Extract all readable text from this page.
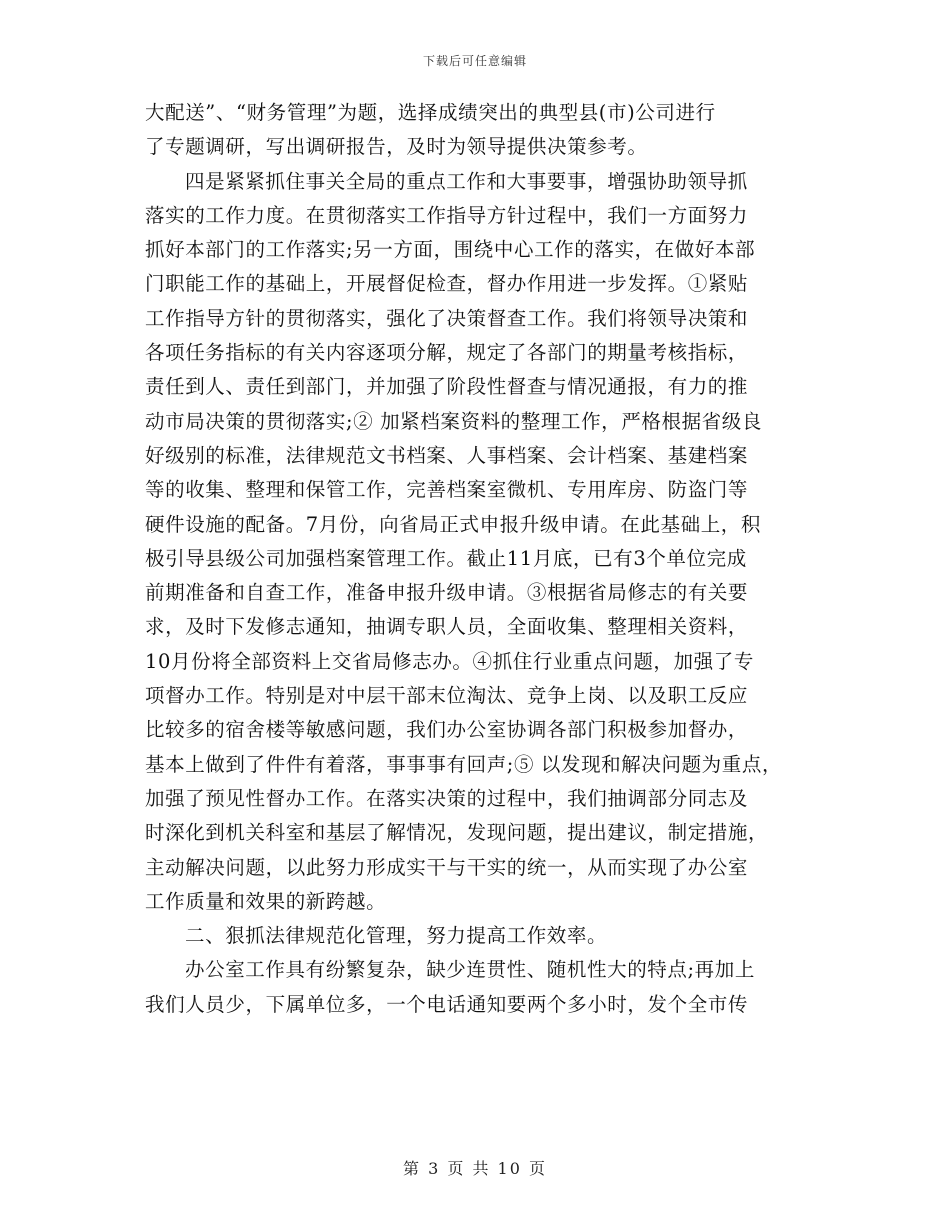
下载后可任意编辑
大配送”、“财务管理”为题，选择成绩突出的典型县(市)公司进行
了专题调研，写出调研报告，及时为领导提供决策参考。
四是紧紧抓住事关全局的重点工作和大事要事，增强协助领导抓
落实的工作力度。在贯彻落实工作指导方针过程中，我们一方面努力
抓好本部门的工作落实;另一方面，围绕中心工作的落实，在做好本部
门职能工作的基础上，开展督促检查，督办作用进一步发挥。①紧贴
工作指导方针的贯彻落实，强化了决策督查工作。我们将领导决策和
各项任务指标的有关内容逐项分解，规定了各部门的期量考核指标，
责任到人、责任到部门，并加强了阶段性督查与情况通报，有力的推
动市局决策的贯彻落实;② 加紧档案资料的整理工作，严格根据省级良
好级别的标准，法律规范文书档案、人事档案、会计档案、基建档案
等的收集、整理和保管工作，完善档案室微机、专用库房、防盗门等
硬件设施的配备。7月份，向省局正式申报升级申请。在此基础上，积
极引导县级公司加强档案管理工作。截止11月底，已有3个单位完成
前期准备和自查工作，准备申报升级申请。③根据省局修志的有关要
求，及时下发修志通知，抽调专职人员，全面收集、整理相关资料，
10月份将全部资料上交省局修志办。④抓住行业重点问题，加强了专
项督办工作。特别是对中层干部末位淘汰、竞争上岗、以及职工反应
比较多的宿舍楼等敏感问题，我们办公室协调各部门积极参加督办，
基本上做到了件件有着落，事事事有回声;⑤ 以发现和解决问题为重点，
加强了预见性督办工作。在落实决策的过程中，我们抽调部分同志及
时深化到机关科室和基层了解情况，发现问题，提出建议，制定措施，
主动解决问题，以此努力形成实干与干实的统一，从而实现了办公室
工作质量和效果的新跨越。
二、狠抓法律规范化管理，努力提高工作效率。
办公室工作具有纷繁复杂，缺少连贯性、随机性大的特点;再加上
我们人员少，下属单位多，一个电话通知要两个多小时，发个全市传
第 3 页 共 10 页
